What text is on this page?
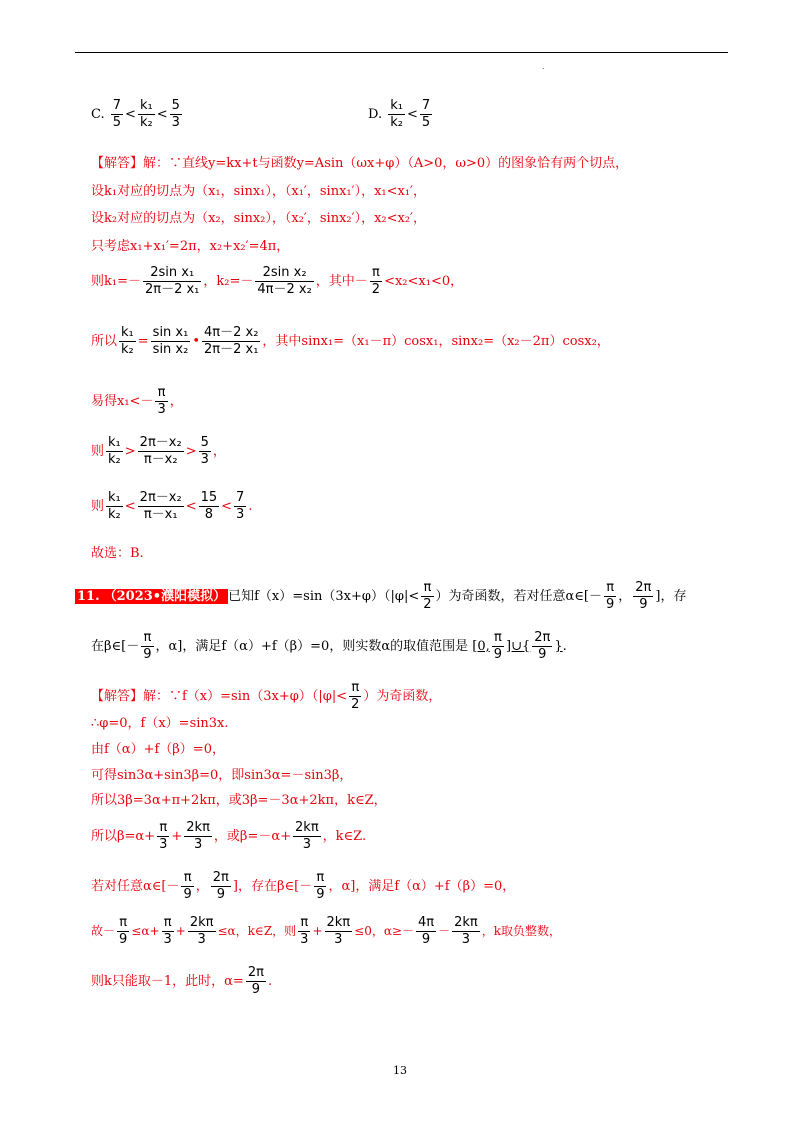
.
C. $\frac{7}{5} < \frac{\text{k₁}}{\text{k₂}} < \frac{5}{3}$	D. $\frac{\text{k₁}}{\text{k₂}} < \frac{7}{5}$
【解答】解：∵直线y=kx+t与函数y=Asin（ωx+φ）（A>0，ω>0）的图象恰有两个切点，
设k₁对应的切点为（x₁，sinx₁），（x₁′，sinx₁′），x₁<x₁′，
设k₂对应的切点为（x₂，sinx₂），（x₂′，sinx₂′），x₂<x₂′，
只考虑x₁+x₁′=2π，x₂+x₂′=4π，
则$k_1=- \frac{\text{2sin x₁}}{\text{2π－2 x₁}}$ ，$k_2=- \frac{\text{2sin x₂}}{\text{4π－2 x₂}}$ ，其中－ $\frac{\pi}{2} <x_2<x_1<0$，
所以 $\frac{\text{k₁}}{\text{k₂}} = \frac{\text{sin x₁}}{\text{sin x₂}}$ • $\frac{\text{4π－2 x₂}}{\text{2π－2 x₁}}$ ，其中sinx₁=（x₁－π）cosx₁，sinx₂=（x₂－2π）cosx₂，
易得$x_1<- \frac{\pi}{3}$ ，
则 $\frac{\text{k₁}}{\text{k₂}} > \frac{\text{2π－x₂}}{\text{π－x₂}} > \frac{5}{3}$ ，
则 $\frac{\text{k₁}}{\text{k₂}} < \frac{\text{2π－x₂}}{\text{π－x₁}} < \frac{15}{8} < \frac{7}{3}$ .
故选：B.
11. （2023•濮阳模拟） 已知$f(x)=\sin(3x+\varphi)(|\varphi|< \frac{\pi}{2}$ ）为奇函数，若对任意α∈[－ $\frac{\pi}{9}$ ， $\frac{2\pi}{9}$ ]，存
在β∈[－ $\frac{\pi}{9}$ ，α]，满足f（α）+f（β）=0，则实数α的取值范围是 [0, $\frac{\pi}{9}$ ]∪{ $\frac{2\pi}{9}$ }.
【解答】解：∵f（x）=sin（3x+φ）（|φ|< $\frac{\pi}{2}$ ）为奇函数，
∴φ=0，f（x）=sin3x.
由f（α）+f（β）=0，
可得sin3α+sin3β=0，即sin3α=－sin3β，
所以3β=3α+π+2kπ，或3β=－3α+2kπ，k∈Z，
所以$\beta=\alpha+ \frac{\pi}{3} + \frac{2k\pi}{3}$ ，或$\beta=-\alpha+ \frac{2k\pi}{3}$ ，k∈Z.
若对任意α∈[－ $\frac{\pi}{9}$ ， $\frac{2\pi}{9}$ ]，存在β∈[－ $\frac{\pi}{9}$ ，α]，满足f（α）+f（β）=0，
故－ $\frac{\pi}{9} \le\alpha+ \frac{\pi}{3} + \frac{2k\pi}{3} \le\alpha$，k∈Z，则 $\frac{\pi}{3} + \frac{2k\pi}{3} \le 0$，$\alpha\ge- \frac{4\pi}{9} - \frac{2k\pi}{3}$ ，k取负整数，
则k只能取－1，此时，$\alpha= \frac{2\pi}{9}$ .
13
